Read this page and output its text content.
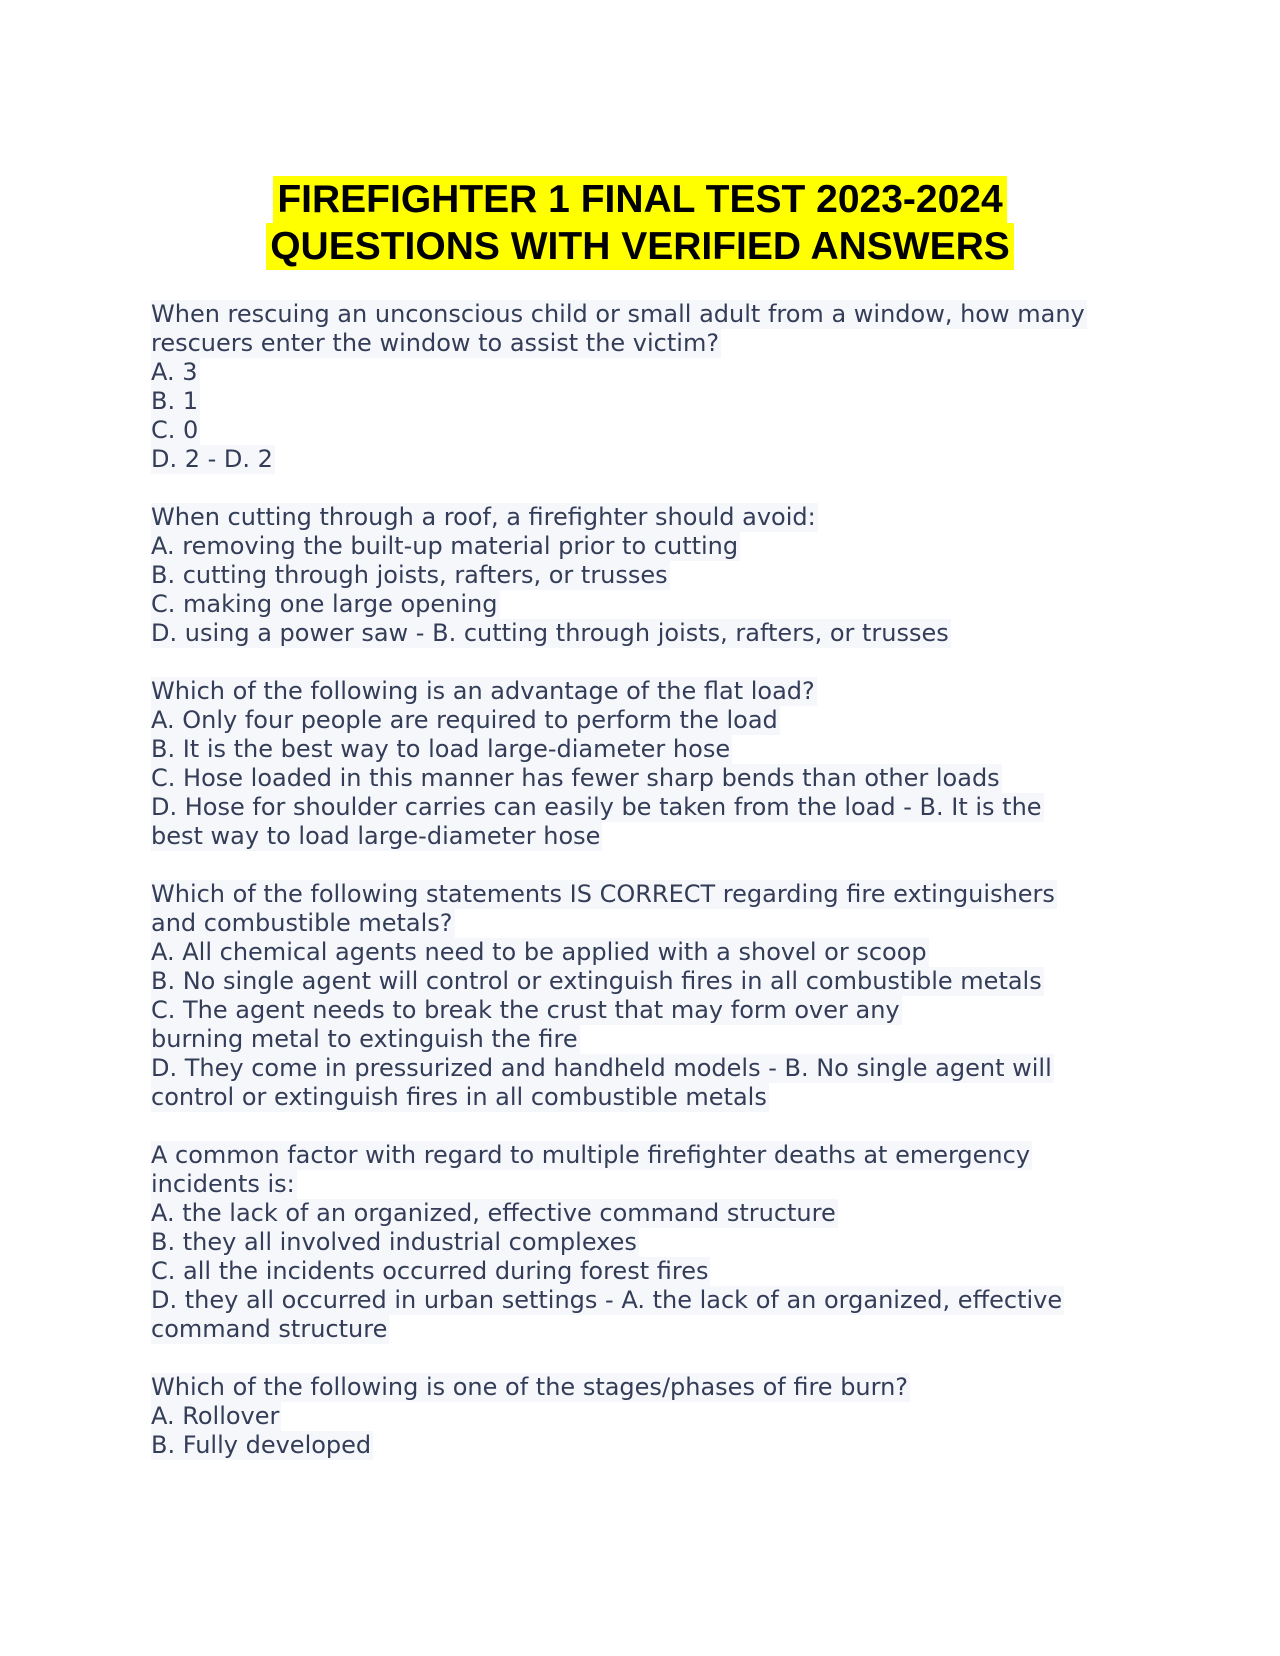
FIREFIGHTER 1 FINAL TEST 2023-2024
QUESTIONS WITH VERIFIED ANSWERS
When rescuing an unconscious child or small adult from a window, how many
rescuers enter the window to assist the victim?
A. 3
B. 1
C. 0
D. 2 - D. 2
When cutting through a roof, a firefighter should avoid:
A. removing the built-up material prior to cutting
B. cutting through joists, rafters, or trusses
C. making one large opening
D. using a power saw - B. cutting through joists, rafters, or trusses
Which of the following is an advantage of the flat load?
A. Only four people are required to perform the load
B. It is the best way to load large-diameter hose
C. Hose loaded in this manner has fewer sharp bends than other loads
D. Hose for shoulder carries can easily be taken from the load - B. It is the
best way to load large-diameter hose
Which of the following statements IS CORRECT regarding fire extinguishers
and combustible metals?
A. All chemical agents need to be applied with a shovel or scoop
B. No single agent will control or extinguish fires in all combustible metals
C. The agent needs to break the crust that may form over any
burning metal to extinguish the fire
D. They come in pressurized and handheld models - B. No single agent will
control or extinguish fires in all combustible metals
A common factor with regard to multiple firefighter deaths at emergency
incidents is:
A. the lack of an organized, effective command structure
B. they all involved industrial complexes
C. all the incidents occurred during forest fires
D. they all occurred in urban settings - A. the lack of an organized, effective
command structure
Which of the following is one of the stages/phases of fire burn?
A. Rollover
B. Fully developed
